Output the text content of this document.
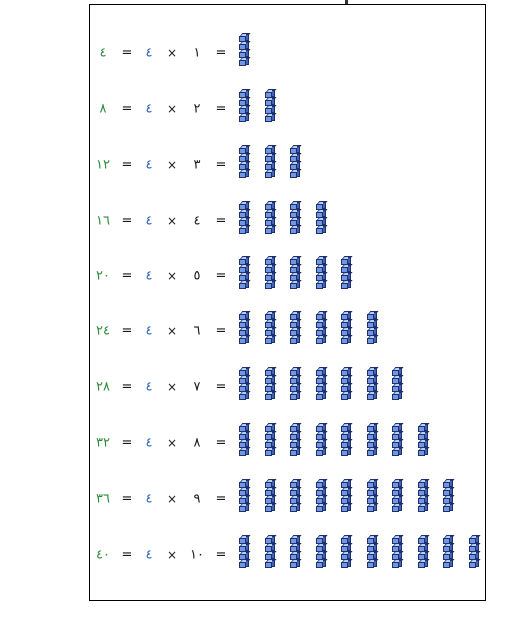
٤ = ٤ × ١ =
٨ = ٤ × ٢ =
١٢ = ٤ × ٣ =
١٦ = ٤ × ٤ =
٢٠ = ٤ × ٥ =
٢٤ = ٤ × ٦ =
٢٨ = ٤ × ٧ =
٣٢ = ٤ × ٨ =
٣٦ = ٤ × ٩ =
٤٠ = ٤ × ١٠ =
